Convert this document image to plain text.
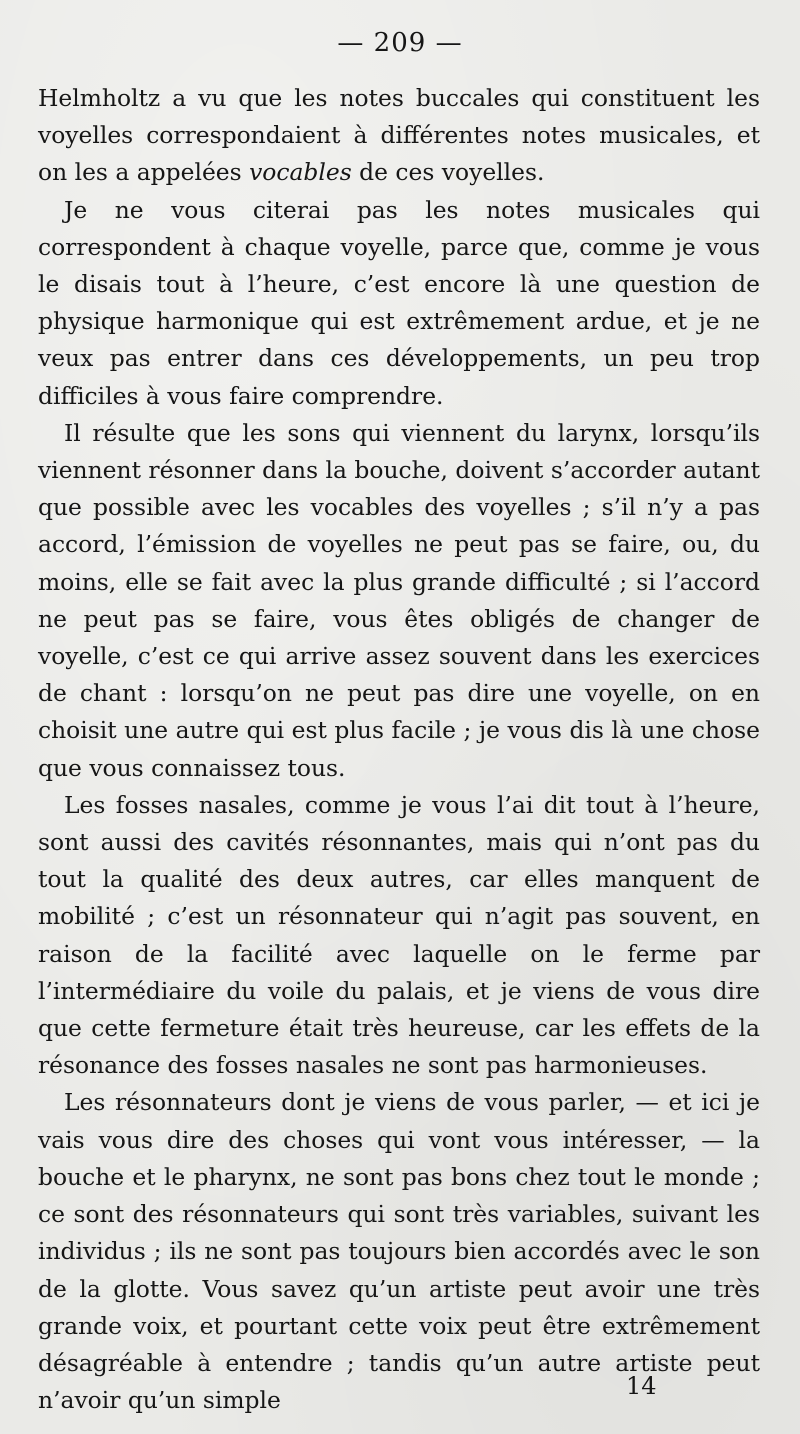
— 209 —

Helmholtz a vu que les notes buccales qui constituent les voyelles correspondaient à différentes notes musicales, et on les a appelées vocables de ces voyelles.

Je ne vous citerai pas les notes musicales qui correspondent à chaque voyelle, parce que, comme je vous le disais tout à l’heure, c’est encore là une question de physique harmonique qui est extrêmement ardue, et je ne veux pas entrer dans ces développements, un peu trop difficiles à vous faire comprendre.

Il résulte que les sons qui viennent du larynx, lorsqu’ils viennent résonner dans la bouche, doivent s’accorder autant que possible avec les vocables des voyelles ; s’il n’y a pas accord, l’émission de voyelles ne peut pas se faire, ou, du moins, elle se fait avec la plus grande difficulté ; si l’accord ne peut pas se faire, vous êtes obligés de changer de voyelle, c’est ce qui arrive assez souvent dans les exercices de chant : lorsqu’on ne peut pas dire une voyelle, on en choisit une autre qui est plus facile ; je vous dis là une chose que vous connaissez tous.

Les fosses nasales, comme je vous l’ai dit tout à l’heure, sont aussi des cavités résonnantes, mais qui n’ont pas du tout la qualité des deux autres, car elles manquent de mobilité ; c’est un résonnateur qui n’agit pas souvent, en raison de la facilité avec laquelle on le ferme par l’intermédiaire du voile du palais, et je viens de vous dire que cette fermeture était très heureuse, car les effets de la résonance des fosses nasales ne sont pas harmonieuses.

Les résonnateurs dont je viens de vous parler, — et ici je vais vous dire des choses qui vont vous intéresser, — la bouche et le pharynx, ne sont pas bons chez tout le monde ; ce sont des résonnateurs qui sont très variables, suivant les individus ; ils ne sont pas toujours bien accordés avec le son de la glotte. Vous savez qu’un artiste peut avoir une très grande voix, et pourtant cette voix peut être extrêmement désagréable à entendre ; tandis qu’un autre artiste peut n’avoir qu’un simple

14
